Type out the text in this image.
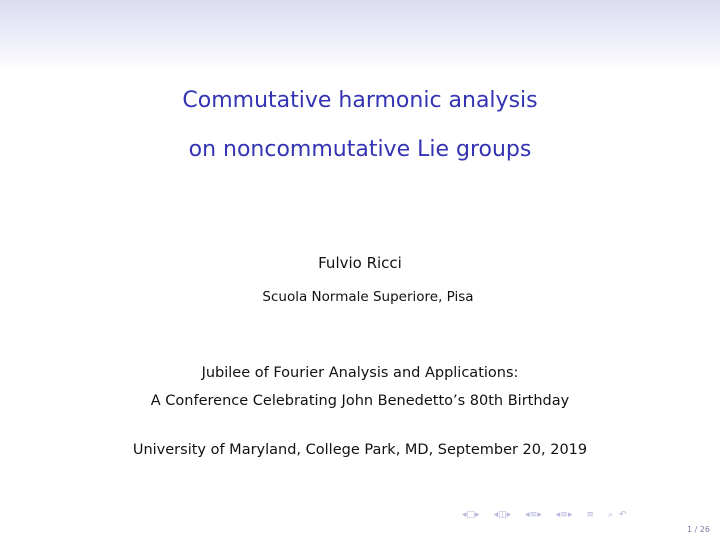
Commutative harmonic analysis
on noncommutative Lie groups
Fulvio Ricci
Scuola Normale Superiore, Pisa
Jubilee of Fourier Analysis and Applications:
A Conference Celebrating John Benedetto’s 80th Birthday
University of Maryland, College Park, MD, September 20, 2019
◂ □ ▸ ◂ ◫ ▸ ◂ ≡ ▸ ◂ ≡ ▸ ≡ ⌕ ↶
1 / 26
